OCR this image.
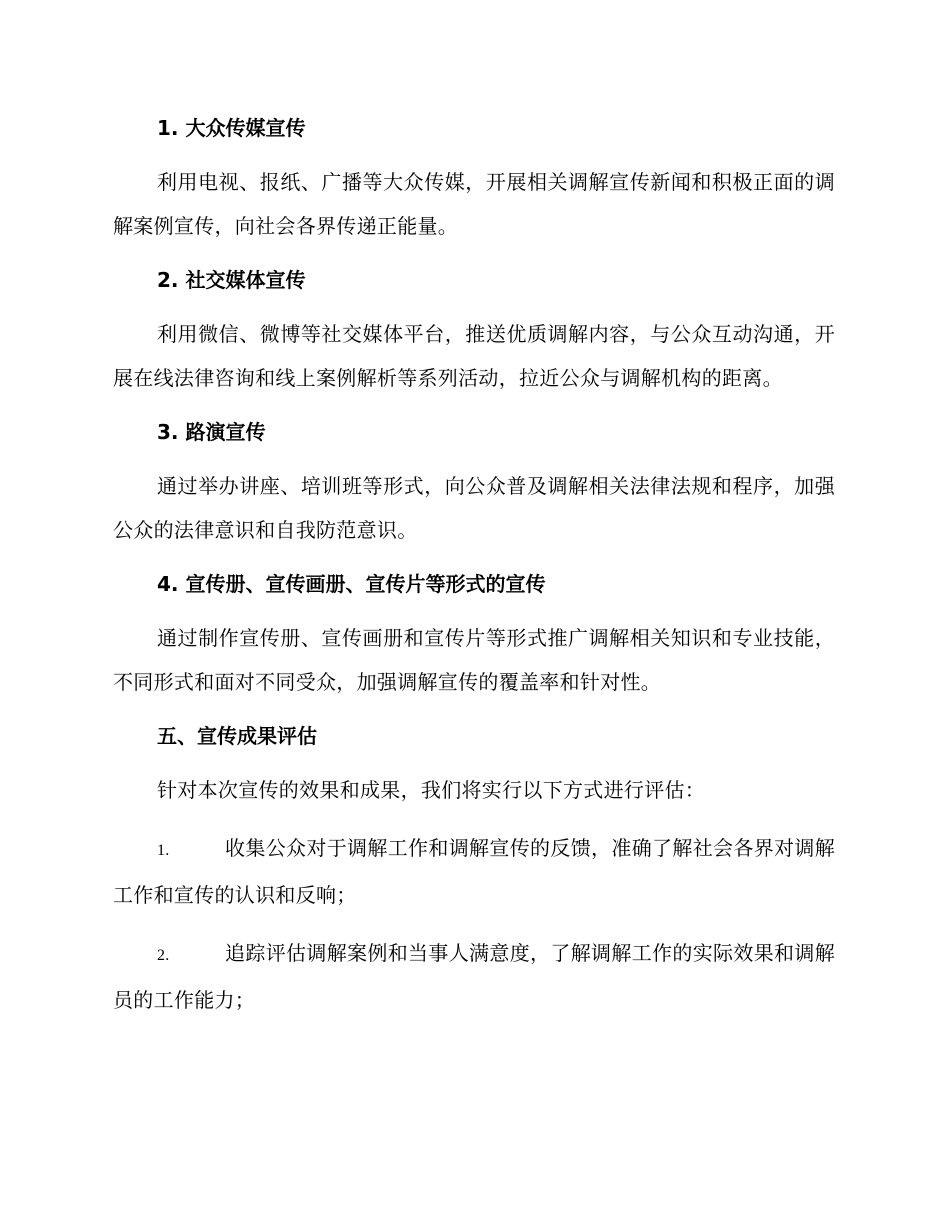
1. 大众传媒宣传

利用电视、报纸、广播等大众传媒，开展相关调解宣传新闻和积极正面的调解案例宣传，向社会各界传递正能量。

2. 社交媒体宣传

利用微信、微博等社交媒体平台，推送优质调解内容，与公众互动沟通，开展在线法律咨询和线上案例解析等系列活动，拉近公众与调解机构的距离。

3. 路演宣传

通过举办讲座、培训班等形式，向公众普及调解相关法律法规和程序，加强公众的法律意识和自我防范意识。

4. 宣传册、宣传画册、宣传片等形式的宣传

通过制作宣传册、宣传画册和宣传片等形式推广调解相关知识和专业技能，不同形式和面对不同受众，加强调解宣传的覆盖率和针对性。

五、宣传成果评估

针对本次宣传的效果和成果，我们将实行以下方式进行评估：

1.	收集公众对于调解工作和调解宣传的反馈，准确了解社会各界对调解工作和宣传的认识和反响；

2.	追踪评估调解案例和当事人满意度，了解调解工作的实际效果和调解员的工作能力；
